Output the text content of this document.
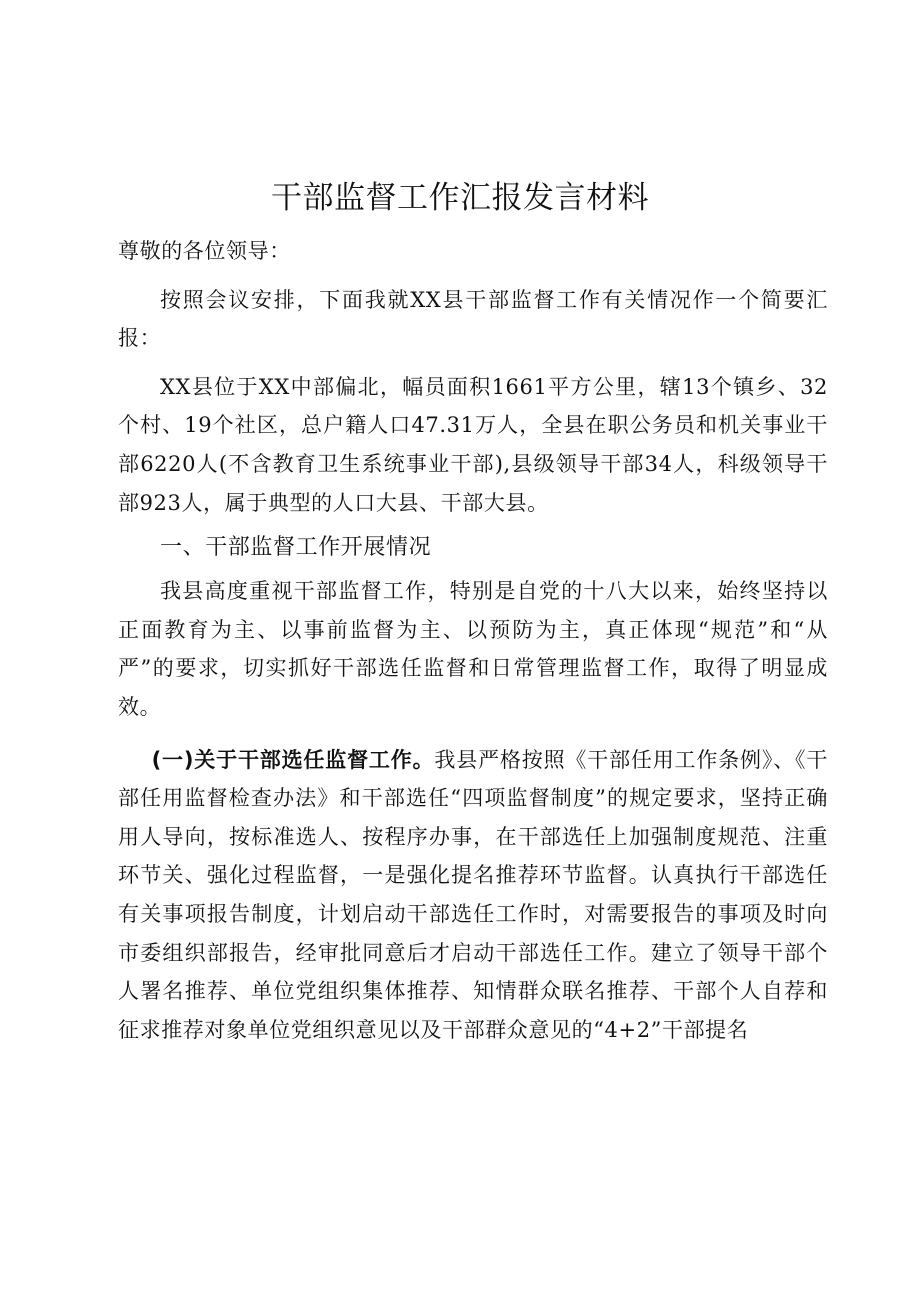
干部监督工作汇报发言材料

尊敬的各位领导：

按照会议安排，下面我就XX县干部监督工作有关情况作一个简要汇报：

XX县位于XX中部偏北，幅员面积1661平方公里，辖13个镇乡、32个村、19个社区，总户籍人口47.31万人，全县在职公务员和机关事业干部6220人(不含教育卫生系统事业干部),县级领导干部34人，科级领导干部923人，属于典型的人口大县、干部大县。

一、干部监督工作开展情况

我县高度重视干部监督工作，特别是自党的十八大以来，始终坚持以正面教育为主、以事前监督为主、以预防为主，真正体现“规范”和“从严”的要求，切实抓好干部选任监督和日常管理监督工作，取得了明显成效。

(一)关于干部选任监督工作。我县严格按照《干部任用工作条例》、《干部任用监督检查办法》和干部选任“四项监督制度”的规定要求，坚持正确用人导向，按标准选人、按程序办事，在干部选任上加强制度规范、注重环节关、强化过程监督，一是强化提名推荐环节监督。认真执行干部选任有关事项报告制度，计划启动干部选任工作时，对需要报告的事项及时向市委组织部报告，经审批同意后才启动干部选任工作。建立了领导干部个人署名推荐、单位党组织集体推荐、知情群众联名推荐、干部个人自荐和征求推荐对象单位党组织意见以及干部群众意见的“4+2”干部提名
